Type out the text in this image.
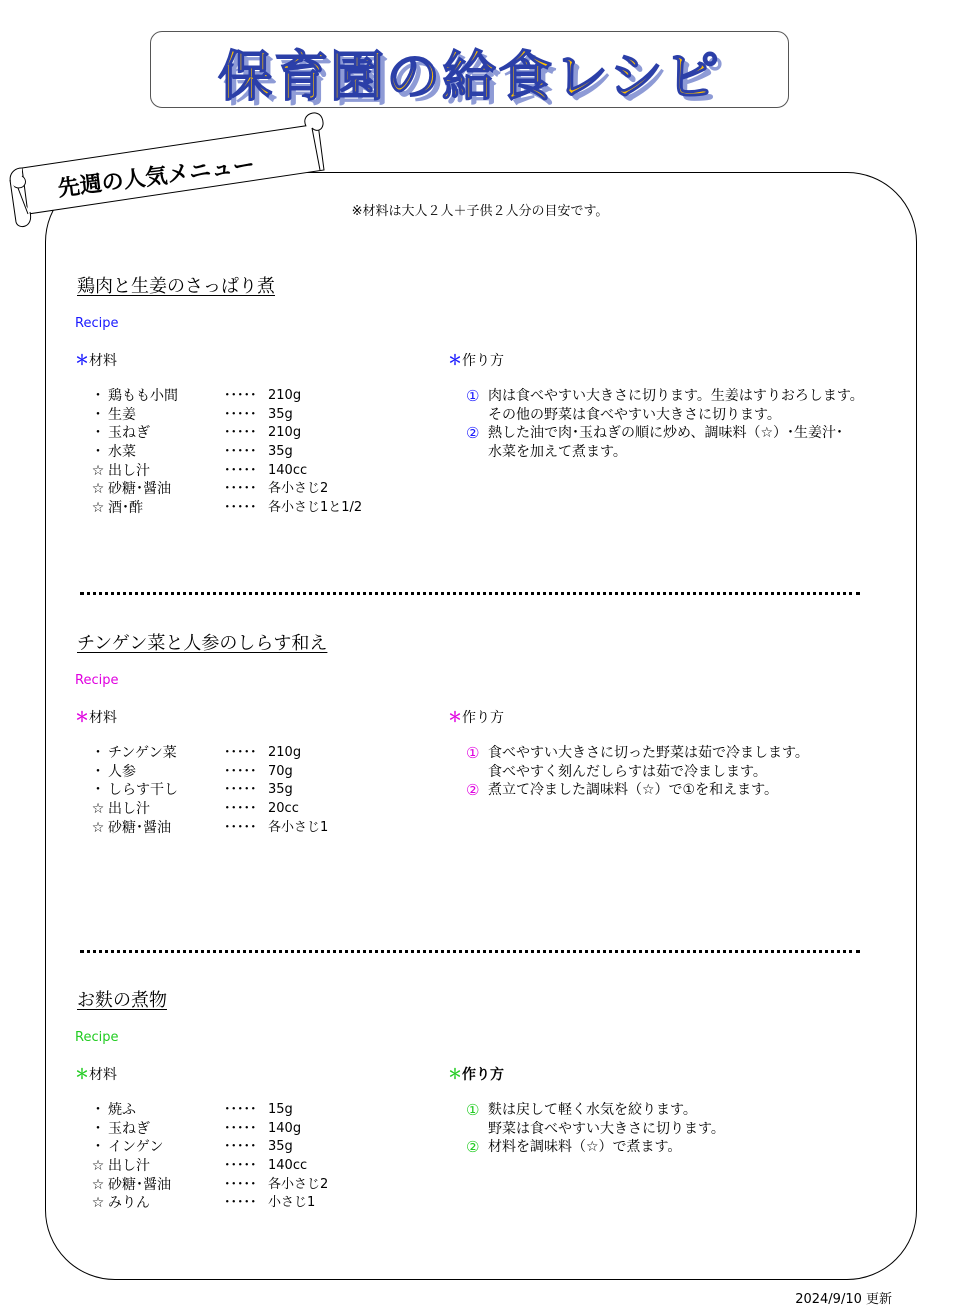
保育園の給食レシピ
先週の人気メニュー
※材料は大人２人＋子供２人分の目安です。
鶏肉と生姜のさっぱり煮
Recipe
＊材料	＊作り方
・ 鶏もも小間	･････ 210g
・ 生姜	･････ 35g
・ 玉ねぎ	･････ 210g
・ 水菜	･････ 35g
☆ 出し汁	･････ 140cc
☆ 砂糖･醤油	･････ 各小さじ2
☆ 酒･酢	･････ 各小さじ1と1/2
① 肉は食べやすい大きさに切ります。生姜はすりおろします。
その他の野菜は食べやすい大きさに切ります。
② 熱した油で肉･玉ねぎの順に炒め、調味料（☆）･生姜汁･
水菜を加えて煮ます。
チンゲン菜と人参のしらす和え
Recipe
＊材料	＊作り方
・ チンゲン菜	･････ 210g
・ 人参	･････ 70g
・ しらす干し	･････ 35g
☆ 出し汁	･････ 20cc
☆ 砂糖･醤油	･････ 各小さじ1
① 食べやすい大きさに切った野菜は茹で冷まします。
食べやすく刻んだしらすは茹で冷まします。
② 煮立て冷ました調味料（☆）で①を和えます。
お麩の煮物
Recipe
＊材料	＊作り方
・ 焼ふ	･････ 15g
・ 玉ねぎ	･････ 140g
・ インゲン	･････ 35g
☆ 出し汁	･････ 140cc
☆ 砂糖･醤油	･････ 各小さじ2
☆ みりん	･････ 小さじ1
① 麩は戻して軽く水気を絞ります。
野菜は食べやすい大きさに切ります。
② 材料を調味料（☆）で煮ます。
2024/9/10 更新
